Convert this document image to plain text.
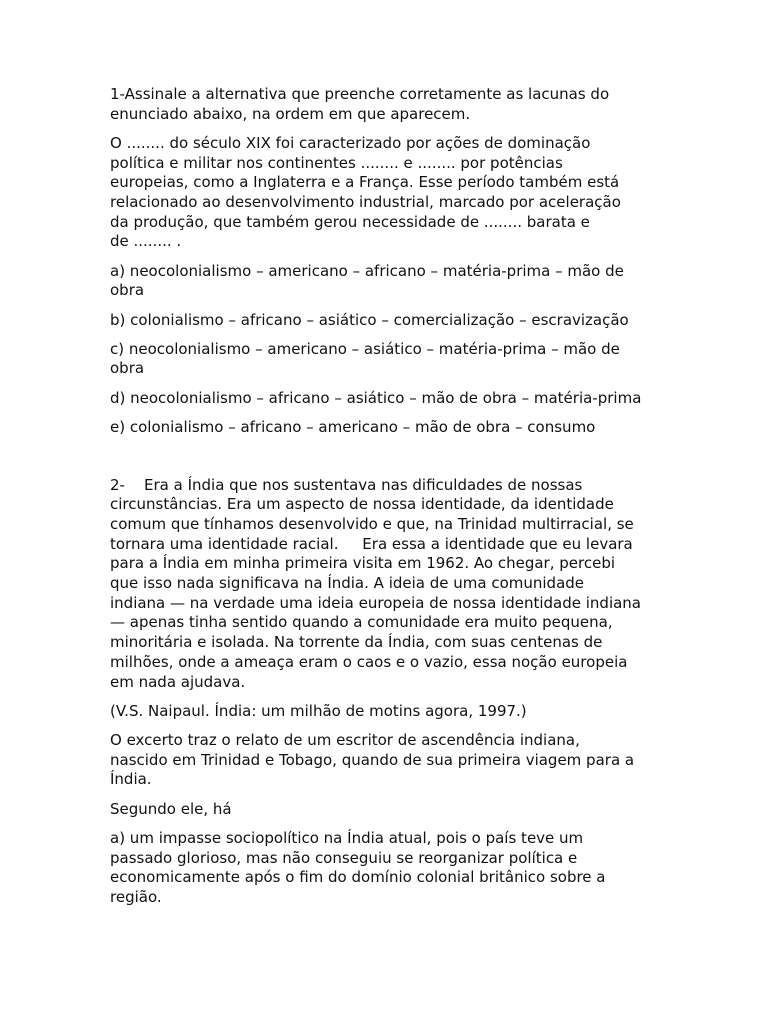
1-Assinale a alternativa que preenche corretamente as lacunas do
enunciado abaixo, na ordem em que aparecem.

O ........ do século XIX foi caracterizado por ações de dominação
política e militar nos continentes ........ e ........ por potências
europeias, como a Inglaterra e a França. Esse período também está
relacionado ao desenvolvimento industrial, marcado por aceleração
da produção, que também gerou necessidade de ........ barata e
de ........ .

a) neocolonialismo – americano – africano – matéria-prima – mão de
obra

b) colonialismo – africano – asiático – comercialização – escravização

c) neocolonialismo – americano – asiático – matéria-prima – mão de
obra

d) neocolonialismo – africano – asiático – mão de obra – matéria-prima

e) colonialismo – africano – americano – mão de obra – consumo

2-    Era a Índia que nos sustentava nas dificuldades de nossas
circunstâncias. Era um aspecto de nossa identidade, da identidade
comum que tínhamos desenvolvido e que, na Trinidad multirracial, se
tornara uma identidade racial.     Era essa a identidade que eu levara
para a Índia em minha primeira visita em 1962. Ao chegar, percebi
que isso nada significava na Índia. A ideia de uma comunidade
indiana — na verdade uma ideia europeia de nossa identidade indiana
— apenas tinha sentido quando a comunidade era muito pequena,
minoritária e isolada. Na torrente da Índia, com suas centenas de
milhões, onde a ameaça eram o caos e o vazio, essa noção europeia
em nada ajudava.

(V.S. Naipaul. Índia: um milhão de motins agora, 1997.)

O excerto traz o relato de um escritor de ascendência indiana,
nascido em Trinidad e Tobago, quando de sua primeira viagem para a
Índia.

Segundo ele, há

a) um impasse sociopolítico na Índia atual, pois o país teve um
passado glorioso, mas não conseguiu se reorganizar política e
economicamente após o fim do domínio colonial britânico sobre a
região.
